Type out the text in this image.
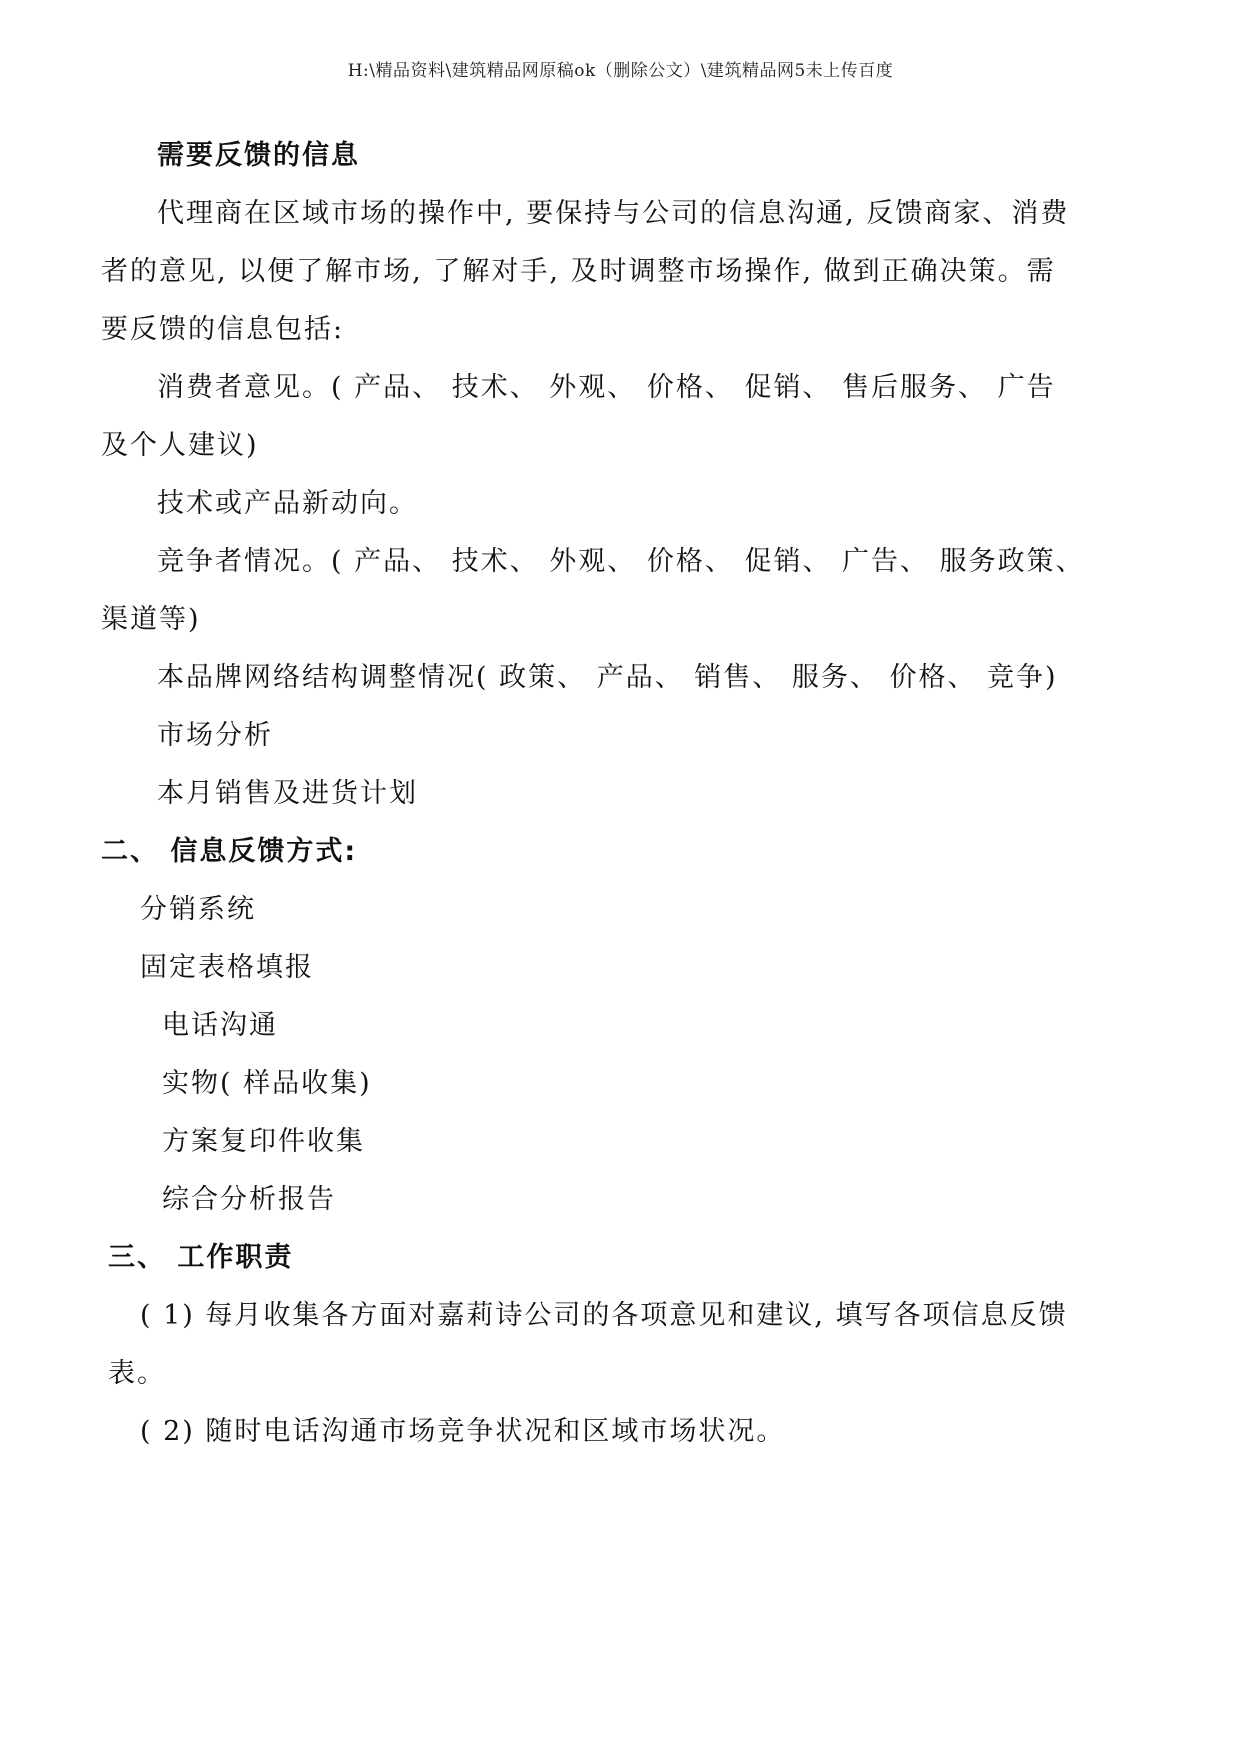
H:\精品资料\建筑精品网原稿ok（删除公文）\建筑精品网5未上传百度
需要反馈的信息
代理商在区域市场的操作中, 要保持与公司的信息沟通, 反馈商家、消费
者的意见, 以便了解市场, 了解对手, 及时调整市场操作, 做到正确决策。需
要反馈的信息包括:
消费者意见。( 产品、 技术、 外观、 价格、 促销、 售后服务、 广告
及个人建议)
技术或产品新动向。
竞争者情况。( 产品、 技术、 外观、 价格、 促销、 广告、 服务政策、
渠道等)
本品牌网络结构调整情况( 政策、 产品、 销售、 服务、 价格、 竞争)
市场分析
本月销售及进货计划
二、 信息反馈方式:
分销系统
固定表格填报
电话沟通
实物( 样品收集)
方案复印件收集
综合分析报告
三、 工作职责
( 1) 每月收集各方面对嘉莉诗公司的各项意见和建议, 填写各项信息反馈
表。
( 2) 随时电话沟通市场竞争状况和区域市场状况。
